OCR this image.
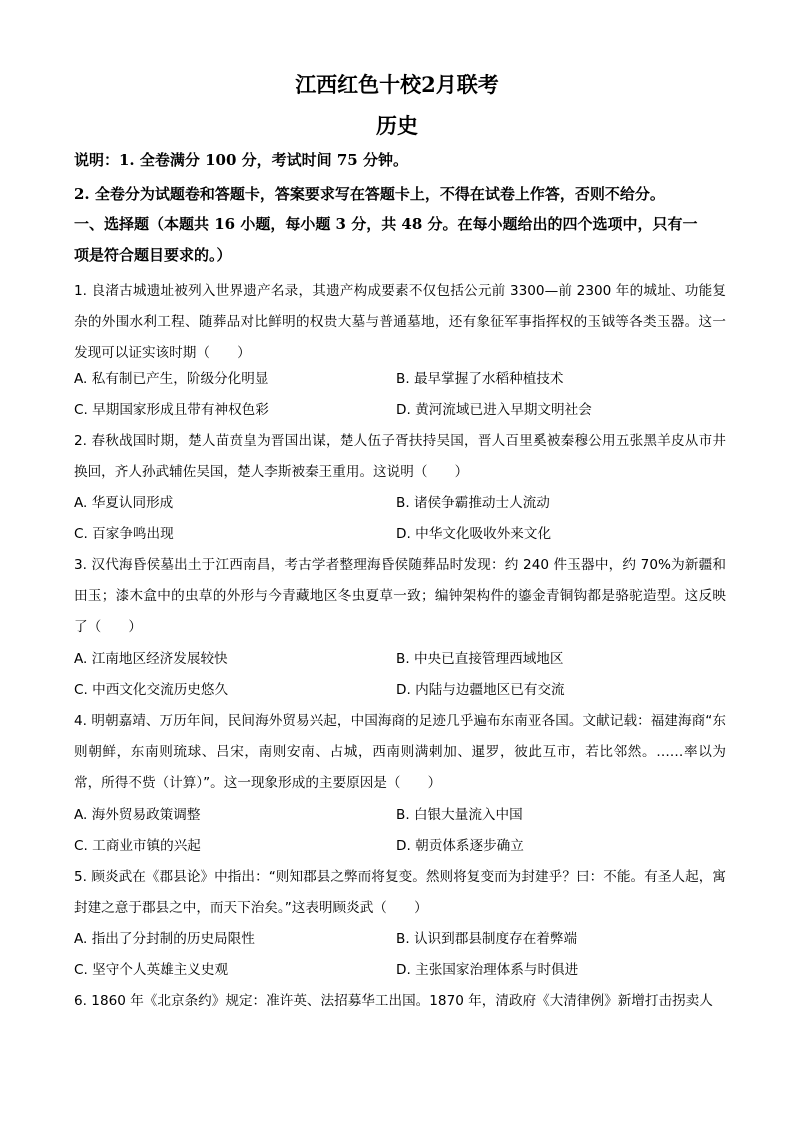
江西红色十校2月联考
历史
说明：1. 全卷满分 100 分，考试时间 75 分钟。
2. 全卷分为试题卷和答题卡，答案要求写在答题卡上，不得在试卷上作答，否则不给分。
一、选择题（本题共 16 小题，每小题 3 分，共 48 分。在每小题给出的四个选项中，只有一
项是符合题目要求的。）
1. 良渚古城遗址被列入世界遗产名录，其遗产构成要素不仅包括公元前 3300—前 2300 年的城址、功能复杂的外围水利工程、随葬品对比鲜明的权贵大墓与普通墓地，还有象征军事指挥权的玉钺等各类玉器。这一发现可以证实该时期（　　）
A. 私有制已产生，阶级分化明显	B. 最早掌握了水稻种植技术
C. 早期国家形成且带有神权色彩	D. 黄河流域已进入早期文明社会
2. 春秋战国时期，楚人苗贲皇为晋国出谋，楚人伍子胥扶持吴国，晋人百里奚被秦穆公用五张黑羊皮从市井换回，齐人孙武辅佐吴国，楚人李斯被秦王重用。这说明（　　）
A. 华夏认同形成	B. 诸侯争霸推动士人流动
C. 百家争鸣出现	D. 中华文化吸收外来文化
3. 汉代海昏侯墓出土于江西南昌，考古学者整理海昏侯随葬品时发现：约 240 件玉器中，约 70%为新疆和田玉；漆木盒中的虫草的外形与今青藏地区冬虫夏草一致；编钟架构件的鎏金青铜钩都是骆驼造型。这反映了（　　）
A. 江南地区经济发展较快	B. 中央已直接管理西域地区
C. 中西文化交流历史悠久	D. 内陆与边疆地区已有交流
4. 明朝嘉靖、万历年间，民间海外贸易兴起，中国海商的足迹几乎遍布东南亚各国。文献记载：福建海商“东则朝鲜，东南则琉球、吕宋，南则安南、占城，西南则满剌加、暹罗，彼此互市，若比邻然。……率以为常，所得不赀（计算）”。这一现象形成的主要原因是（　　）
A. 海外贸易政策调整	B. 白银大量流入中国
C. 工商业市镇的兴起	D. 朝贡体系逐步确立
5. 顾炎武在《郡县论》中指出：“则知郡县之弊而将复变。然则将复变而为封建乎？曰：不能。有圣人起，寓封建之意于郡县之中，而天下治矣。”这表明顾炎武（　　）
A. 指出了分封制的历史局限性	B. 认识到郡县制度存在着弊端
C. 坚守个人英雄主义史观	D. 主张国家治理体系与时俱进
6. 1860 年《北京条约》规定：准许英、法招募华工出国。1870 年，清政府《大清律例》新增打击拐卖人
